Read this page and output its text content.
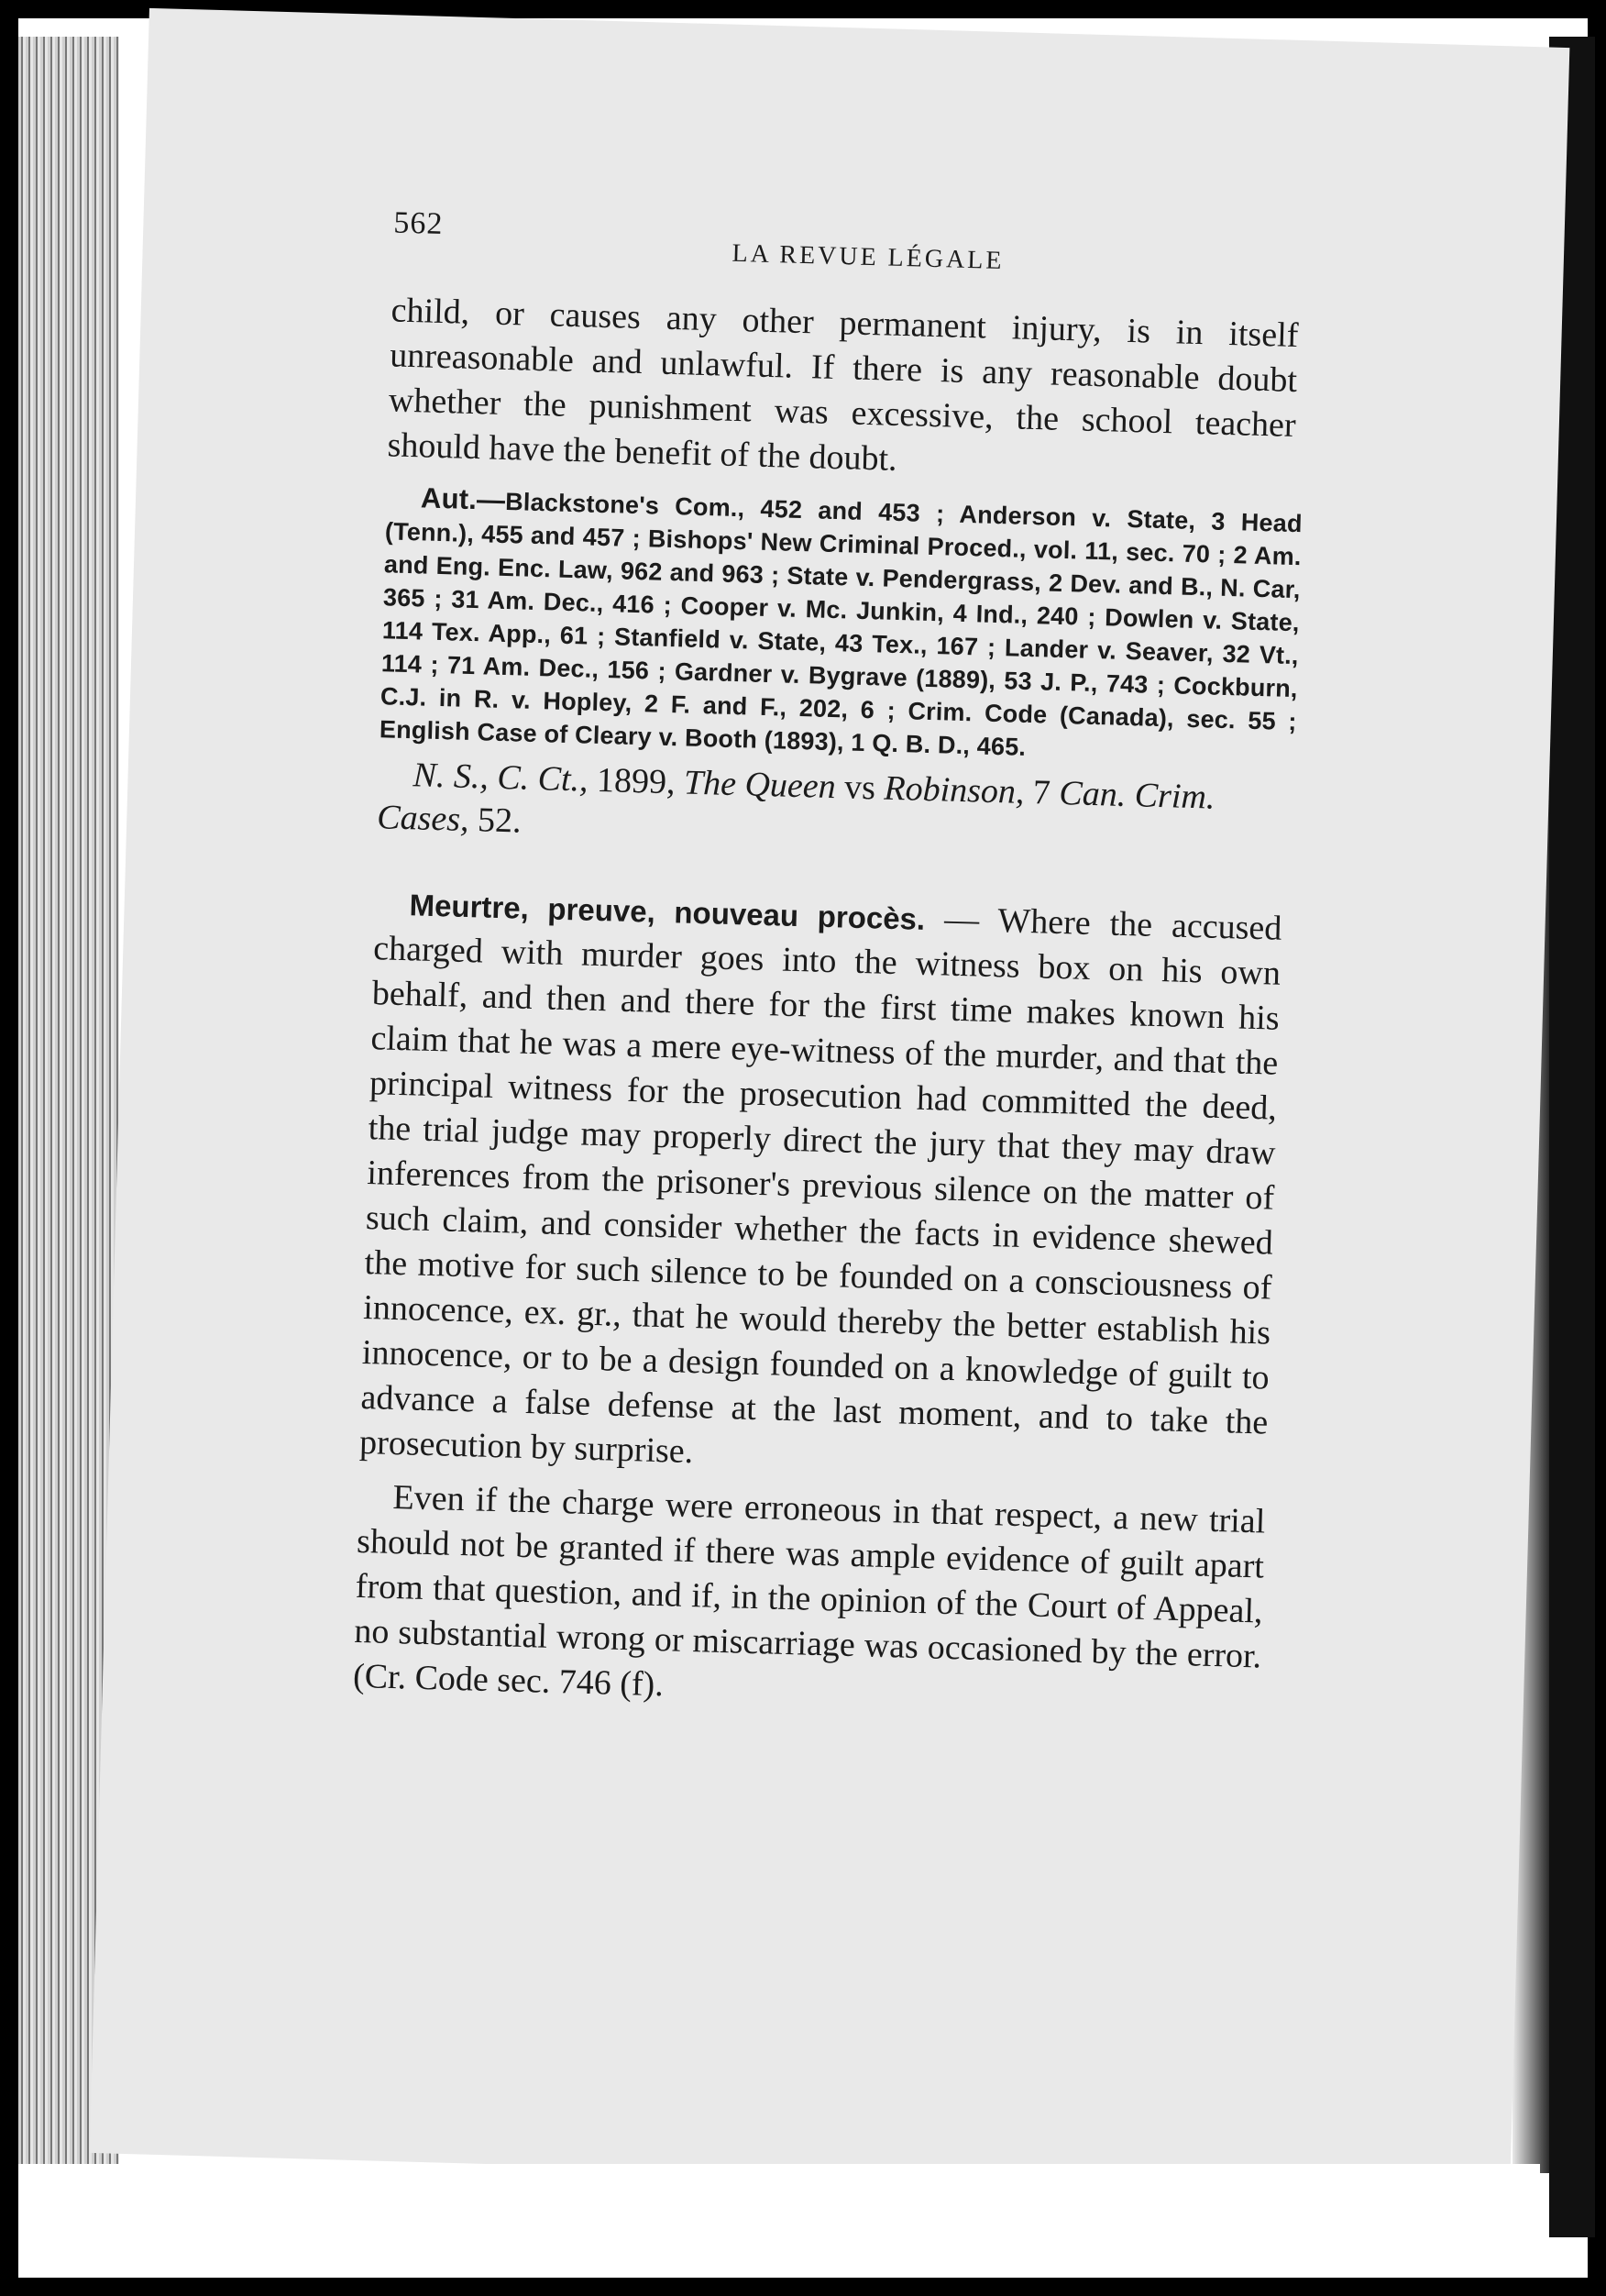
562
LA REVUE LÉGALE

child, or causes any other permanent injury, is in itself unreasonable and unlawful. If there is any reasonable doubt whether the punishment was excessive, the school teacher should have the benefit of the doubt.

Aut.—Blackstone's Com., 452 and 453 ; Anderson v. State, 3 Head (Tenn.), 455 and 457 ; Bishops' New Criminal Proced., vol. 11, sec. 70 ; 2 Am. and Eng. Enc. Law, 962 and 963 ; State v. Pendergrass, 2 Dev. and B., N. Car, 365 ; 31 Am. Dec., 416 ; Cooper v. Mc. Junkin, 4 Ind., 240 ; Dowlen v. State, 114 Tex. App., 61 ; Stanfield v. State, 43 Tex., 167 ; Lander v. Seaver, 32 Vt., 114 ; 71 Am. Dec., 156 ; Gardner v. Bygrave (1889), 53 J. P., 743 ; Cockburn, C.J. in R. v. Hopley, 2 F. and F., 202, 6 ; Crim. Code (Canada), sec. 55 ; English Case of Cleary v. Booth (1893), 1 Q. B. D., 465.

N. S., C. Ct., 1899, The Queen vs Robinson, 7 Can. Crim. Cases, 52.

Meurtre, preuve, nouveau procès. — Where the accused charged with murder goes into the witness box on his own behalf, and then and there for the first time makes known his claim that he was a mere eye-witness of the murder, and that the principal witness for the prosecution had committed the deed, the trial judge may properly direct the jury that they may draw inferences from the prisoner's previous silence on the matter of such claim, and consider whether the facts in evidence shewed the motive for such silence to be founded on a consciousness of innocence, ex. gr., that he would thereby the better establish his innocence, or to be a design founded on a knowledge of guilt to advance a false defense at the last moment, and to take the prosecution by surprise.

Even if the charge were erroneous in that respect, a new trial should not be granted if there was ample evidence of guilt apart from that question, and if, in the opinion of the Court of Appeal, no substantial wrong or miscarriage was occasioned by the error. (Cr. Code sec. 746 (f).
